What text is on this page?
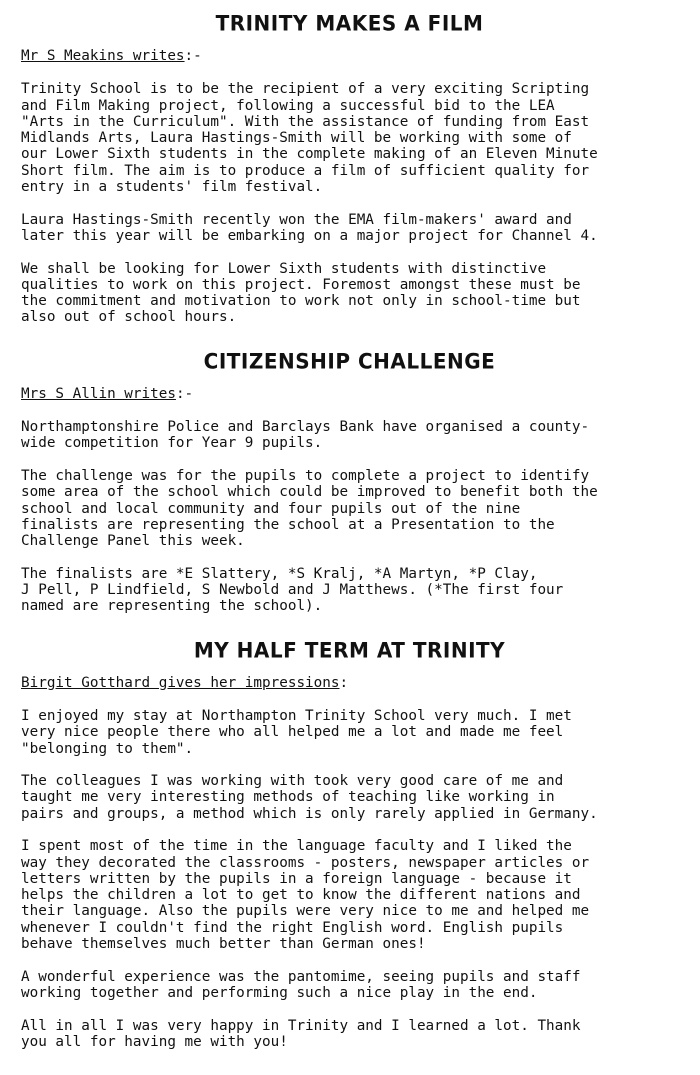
TRINITY MAKES A FILM
Mr S Meakins writes:-

Trinity School is to be the recipient of a very exciting Scripting
and Film Making project, following a successful bid to the LEA
"Arts in the Curriculum". With the assistance of funding from East
Midlands Arts, Laura Hastings-Smith will be working with some of
our Lower Sixth students in the complete making of an Eleven Minute
Short film. The aim is to produce a film of sufficient quality for
entry in a students' film festival.

Laura Hastings-Smith recently won the EMA film-makers' award and
later this year will be embarking on a major project for Channel 4.

We shall be looking for Lower Sixth students with distinctive
qualities to work on this project. Foremost amongst these must be
the commitment and motivation to work not only in school-time but
also out of school hours.

CITIZENSHIP CHALLENGE
Mrs S Allin writes:-

Northamptonshire Police and Barclays Bank have organised a county-
wide competition for Year 9 pupils.

The challenge was for the pupils to complete a project to identify
some area of the school which could be improved to benefit both the
school and local community and four pupils out of the nine
finalists are representing the school at a Presentation to the
Challenge Panel this week.

The finalists are *E Slattery, *S Kralj, *A Martyn, *P Clay,
J Pell, P Lindfield, S Newbold and J Matthews. (*The first four
named are representing the school).

MY HALF TERM AT TRINITY
Birgit Gotthard gives her impressions:

I enjoyed my stay at Northampton Trinity School very much. I met
very nice people there who all helped me a lot and made me feel
"belonging to them".

The colleagues I was working with took very good care of me and
taught me very interesting methods of teaching like working in
pairs and groups, a method which is only rarely applied in Germany.

I spent most of the time in the language faculty and I liked the
way they decorated the classrooms - posters, newspaper articles or
letters written by the pupils in a foreign language - because it
helps the children a lot to get to know the different nations and
their language. Also the pupils were very nice to me and helped me
whenever I couldn't find the right English word. English pupils
behave themselves much better than German ones!

A wonderful experience was the pantomime, seeing pupils and staff
working together and performing such a nice play in the end.

All in all I was very happy in Trinity and I learned a lot. Thank
you all for having me with you!
